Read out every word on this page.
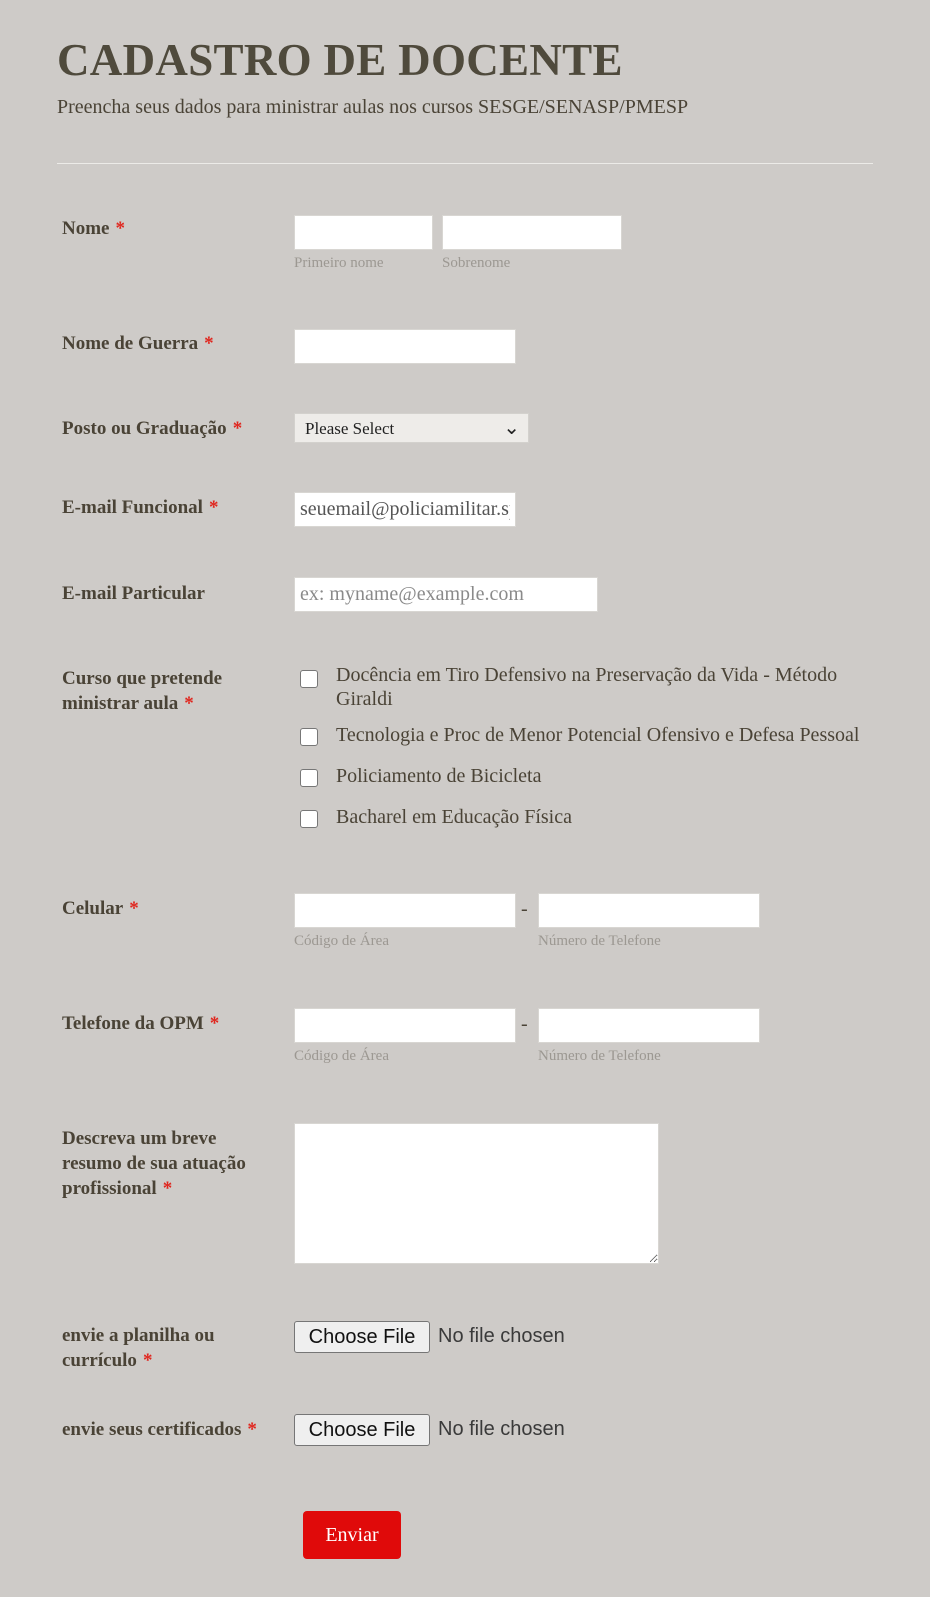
CADASTRO DE DOCENTE

Preencha seus dados para ministrar aulas nos cursos SESGE/SENASP/PMESP

Nome *
Primeiro nome	Sobrenome
Nome de Guerra *
Posto ou Graduação *	Please Select	⌄
E-mail Funcional *
seuemail@policiamilitar.sp.gov.br
E-mail Particular
ex: myname@example.com
Curso que pretende ministrar aula *
Docência em Tiro Defensivo na Preservação da Vida - Método Giraldi
Tecnologia e Proc de Menor Potencial Ofensivo e Defesa Pessoal
Policiamento de Bicicleta
Bacharel em Educação Física
Celular *	-
Código de Área	Número de Telefone
Telefone da OPM *	-
Código de Área	Número de Telefone
Descreva um breve resumo de sua atuação profissional *
envie a planilha ou currículo *
Choose File	No file chosen
envie seus certificados *	Choose File	No file chosen
Enviar
